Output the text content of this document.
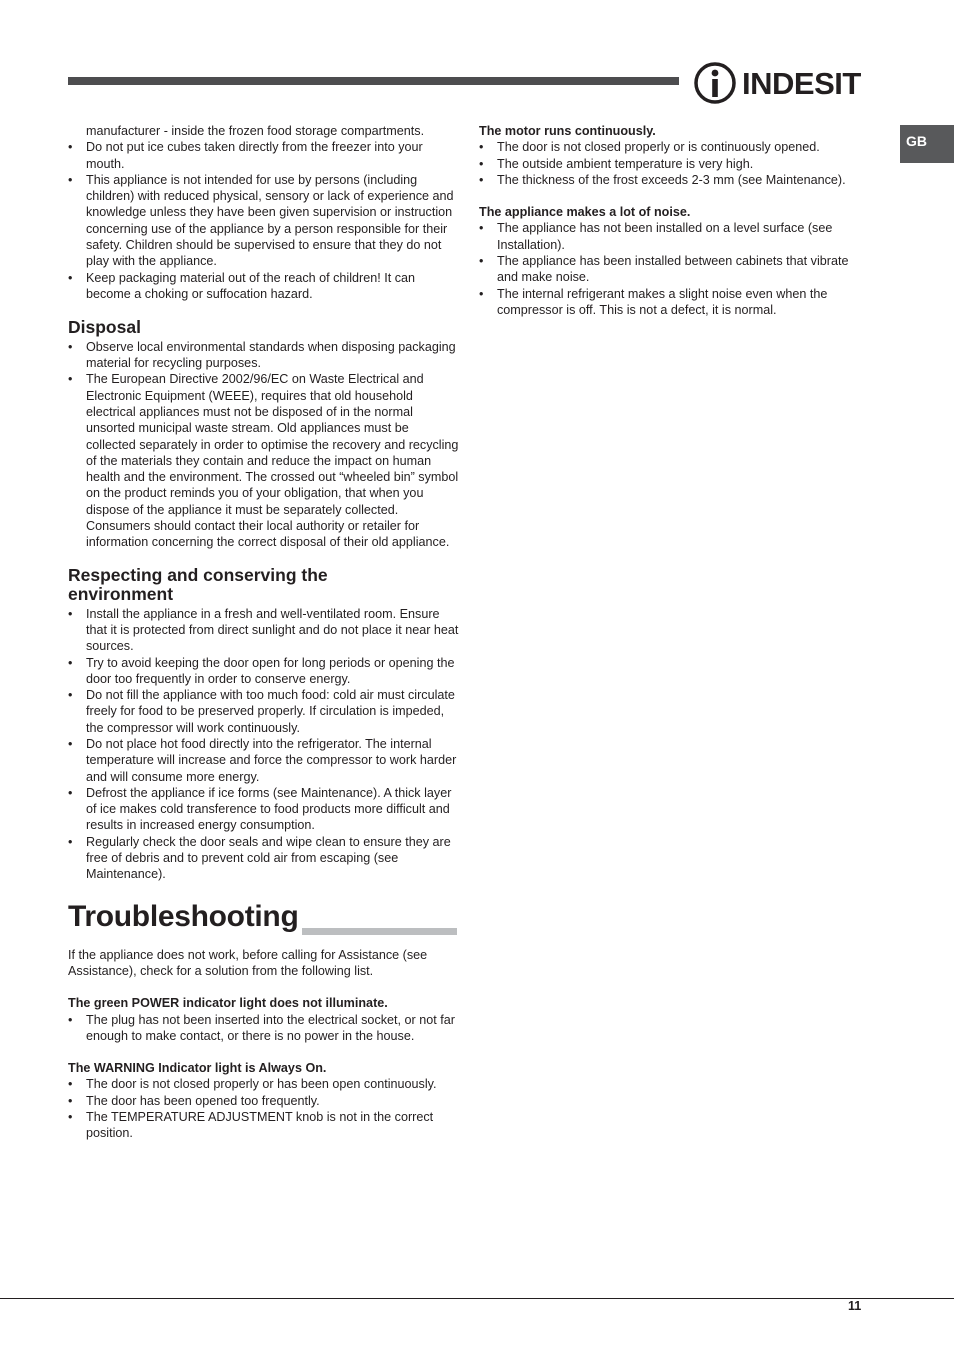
INDESIT
GB
manufacturer - inside the frozen food storage compartments.
• Do not put ice cubes taken directly from the freezer into your mouth.
• This appliance is not intended for use by persons (including children) with reduced physical, sensory or lack of experience and knowledge unless they have been given supervision or instruction concerning use of the appliance by a person responsible for their safety. Children should be supervised to ensure that they do not play with the appliance.
• Keep packaging material out of the reach of children! It can become a choking or suffocation hazard.
Disposal
• Observe local environmental standards when disposing packaging material for recycling purposes.
• The European Directive 2002/96/EC on Waste Electrical and Electronic Equipment (WEEE), requires that old household electrical appliances must not be disposed of in the normal unsorted municipal waste stream. Old appliances must be collected separately in order to optimise the recovery and recycling of the materials they contain and reduce the impact on human health and the environment. The crossed out “wheeled bin” symbol on the product reminds you of your obligation, that when you dispose of the appliance it must be separately collected. Consumers should contact their local authority or retailer for information concerning the correct disposal of their old appliance.
Respecting and conserving the environment
• Install the appliance in a fresh and well-ventilated room. Ensure that it is protected from direct sunlight and do not place it near heat sources.
• Try to avoid keeping the door open for long periods or opening the door too frequently in order to conserve energy.
• Do not fill the appliance with too much food: cold air must circulate freely for food to be preserved properly. If circulation is impeded, the compressor will work continuously.
• Do not place hot food directly into the refrigerator. The internal temperature will increase and force the compressor to work harder and will consume more energy.
• Defrost the appliance if ice forms (see Maintenance). A thick layer of ice makes cold transference to food products more difficult and results in increased energy consumption.
• Regularly check the door seals and wipe clean to ensure they are free of debris and to prevent cold air from escaping (see Maintenance).
Troubleshooting

If the appliance does not work, before calling for Assistance (see Assistance), check for a solution from the following list.

The green POWER indicator light does not illuminate.

• The plug has not been inserted into the electrical socket, or not far enough to make contact, or there is no power in the house.

The WARNING Indicator light is Always On.

• The door is not closed properly or has been open continuously.
• The door has been opened too frequently.
• The TEMPERATURE ADJUSTMENT knob is not in the correct position.

The motor runs continuously.

• The door is not closed properly or is continuously opened.
• The outside ambient temperature is very high.
• The thickness of the frost exceeds 2-3 mm (see Maintenance).

The appliance makes a lot of noise.

• The appliance has not been installed on a level surface (see Installation).
• The appliance has been installed between cabinets that vibrate and make noise.
• The internal refrigerant makes a slight noise even when the compressor is off. This is not a defect, it is normal.
11
